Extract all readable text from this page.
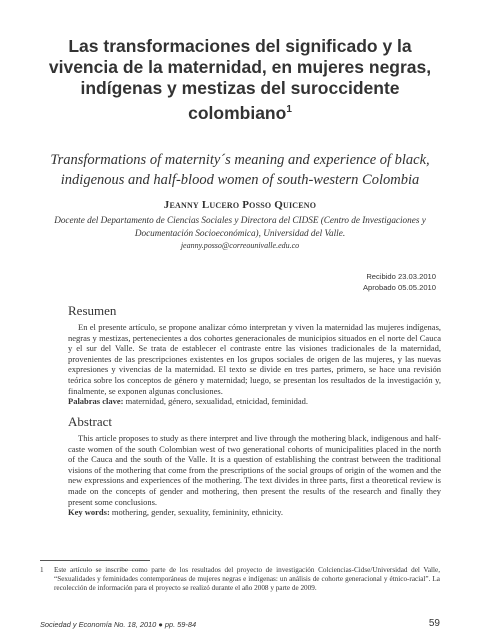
Las transformaciones del significado y la vivencia de la maternidad, en mujeres negras, indígenas y mestizas del suroccidente colombiano$^1$
Transformations of maternity´s meaning and experience of black, indigenous and half-blood women of south-western Colombia
Jeanny Lucero Posso Quiceno
Docente del Departamento de Ciencias Sociales y Directora del CIDSE (Centro de Investigaciones y Documentación Socioeconómica), Universidad del Valle.
jeanny.posso@correounivalle.edu.co
Recibido 23.03.2010
Aprobado 05.05.2010
Resumen
En el presente artículo, se propone analizar cómo interpretan y viven la maternidad las mujeres indígenas, negras y mestizas, pertenecientes a dos cohortes generacionales de municipios situados en el norte del Cauca y el sur del Valle. Se trata de establecer el contraste entre las visiones tradicionales de la maternidad, provenientes de las prescripciones existentes en los grupos sociales de origen de las mujeres, y las nuevas expresiones y vivencias de la maternidad. El texto se divide en tres partes, primero, se hace una revisión teórica sobre los conceptos de género y maternidad; luego, se presentan los resultados de la investigación y, finalmente, se exponen algunas conclusiones.
Palabras clave: maternidad, género, sexualidad, etnicidad, feminidad.
Abstract
This article proposes to study as there interpret and live through the mothering black, indigenous and half-caste women of the south Colombian west of two generational cohorts of municipalities placed in the north of the Cauca and the south of the Valle. It is a question of establishing the contrast between the traditional visions of the mothering that come from the prescriptions of the social groups of origin of the women and the new expressions and experiences of the mothering. The text divides in three parts, first a theoretical review is made on the concepts of gender and mothering, then present the results of the research and finally they present some conclusions.
Key words: mothering, gender, sexuality, femininity, ethnicity.
1 Este artículo se inscribe como parte de los resultados del proyecto de investigación Colciencias-Cidse/Universidad del Valle, “Sexualidades y feminidades contemporáneas de mujeres negras e indígenas: un análisis de cohorte generacional y étnico-racial”. La recolección de información para el proyecto se realizó durante el año 2008 y parte de 2009.
Sociedad y Economía No. 18, 2010 ● pp. 59-84	59
